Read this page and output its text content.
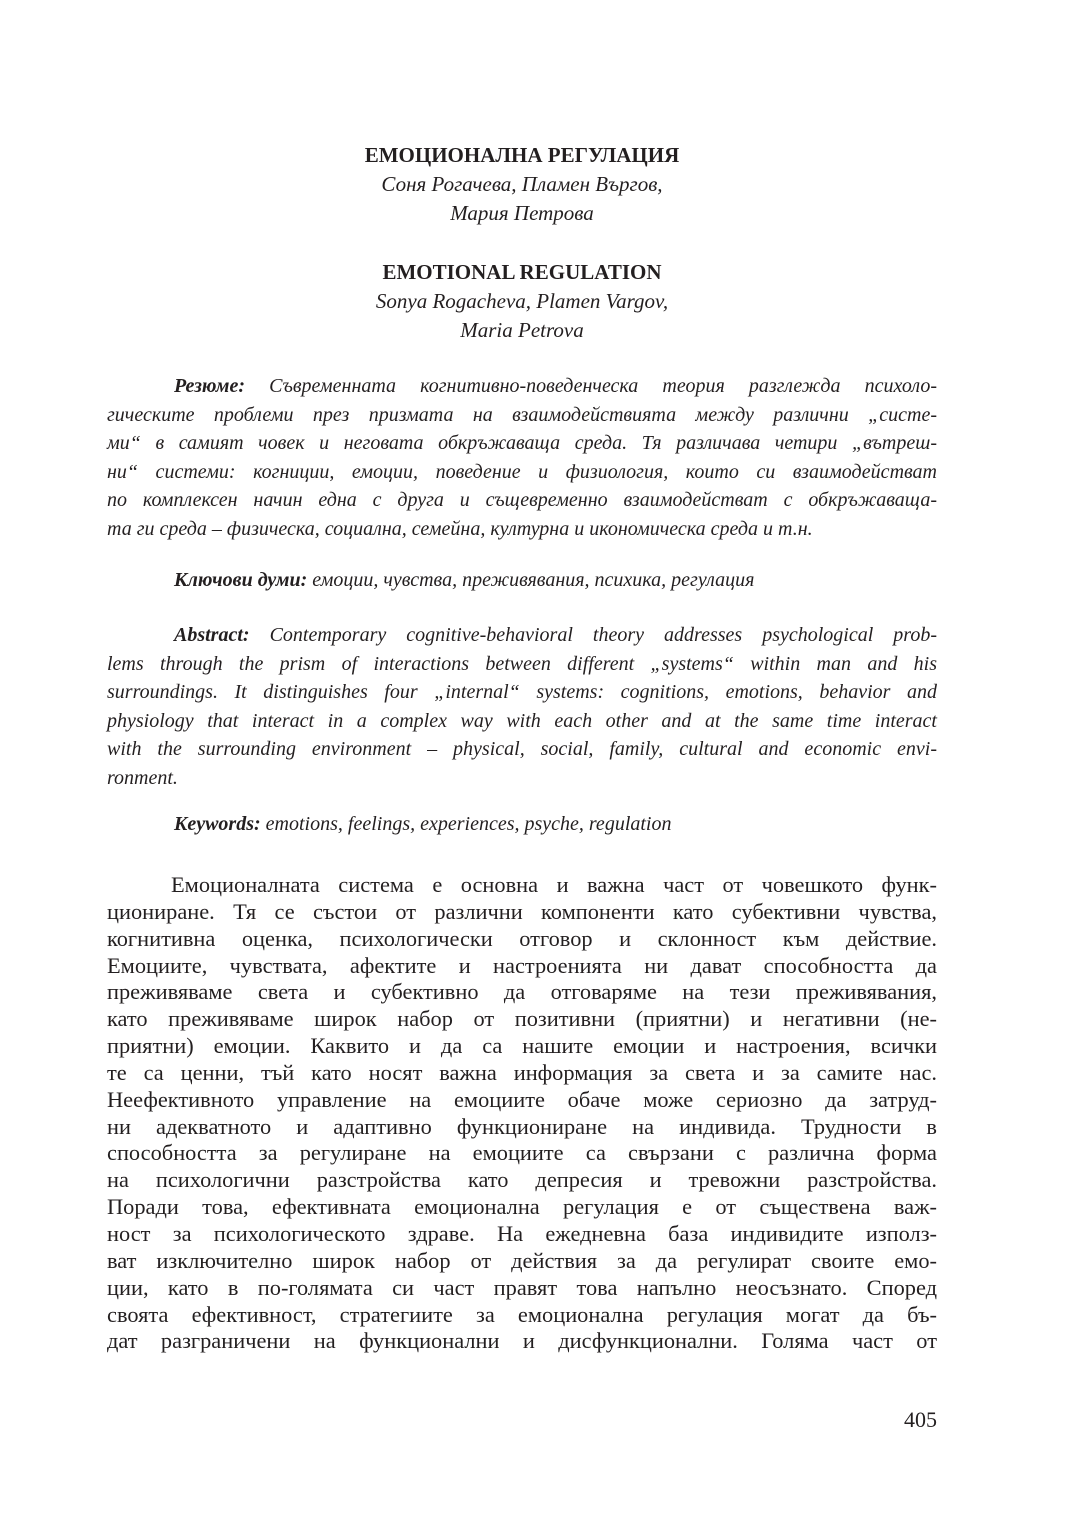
ЕМОЦИОНАЛНА РЕГУЛАЦИЯ
Соня Рогачева, Пламен Въргов,
Мария Петрова
EMOTIONAL REGULATION
Sonya Rogacheva, Plamen Vargov,
Maria Petrova
Резюме: Съвременната когнитивно-поведенческа теория разглежда психоло-
гическите проблеми през призмата на взаимодействията между различни „систе-
ми“ в самият човек и неговата обкръжаваща среда. Тя различава четири „вътреш-
ни“ системи: когниции, емоции, поведение и физиология, които си взаимодействат
по комплексен начин една с друга и същевременно взаимодействат с обкръжаваща-
та ги среда – физическа, социална, семейна, културна и икономическа среда и т.н.
Ключови думи: емоции, чувства, преживявания, психика, регулация
Abstract: Contemporary cognitive-behavioral theory addresses psychological prob-
lems through the prism of interactions between different „systems“ within man and his
surroundings. It distinguishes four „internal“ systems: cognitions, emotions, behavior and
physiology that interact in a complex way with each other and at the same time interact
with the surrounding environment – physical, social, family, cultural and economic envi-
ronment.
Keywords: emotions, feelings, experiences, psyche, regulation
Емоционалната система е основна и важна част от човешкото функ-
циониране. Тя се състои от различни компоненти като субективни чувства,
когнитивна оценка, психологически отговор и склонност към действие.
Емоциите, чувствата, афектите и настроенията ни дават способността да
преживяваме света и субективно да отговаряме на тези преживявания,
като преживяваме широк набор от позитивни (приятни) и негативни (не-
приятни) емоции. Каквито и да са нашите емоции и настроения, всички
те са ценни, тъй като носят важна информация за света и за самите нас.
Неефективното управление на емоциите обаче може сериозно да затруд-
ни адекватното и адаптивно функциониране на индивида. Трудности в
способността за регулиране на емоциите са свързани с различна форма
на психологични разстройства като депресия и тревожни разстройства.
Поради това, ефективната емоционална регулация е от съществена важ-
ност за психологическото здраве. На ежедневна база индивидите използ-
ват изключително широк набор от действия за да регулират своите емо-
ции, като в по-голямата си част правят това напълно неосъзнато. Според
своята ефективност, стратегиите за емоционална регулация могат да бъ-
дат разграничени на функционални и дисфункционални. Голяма част от
405
